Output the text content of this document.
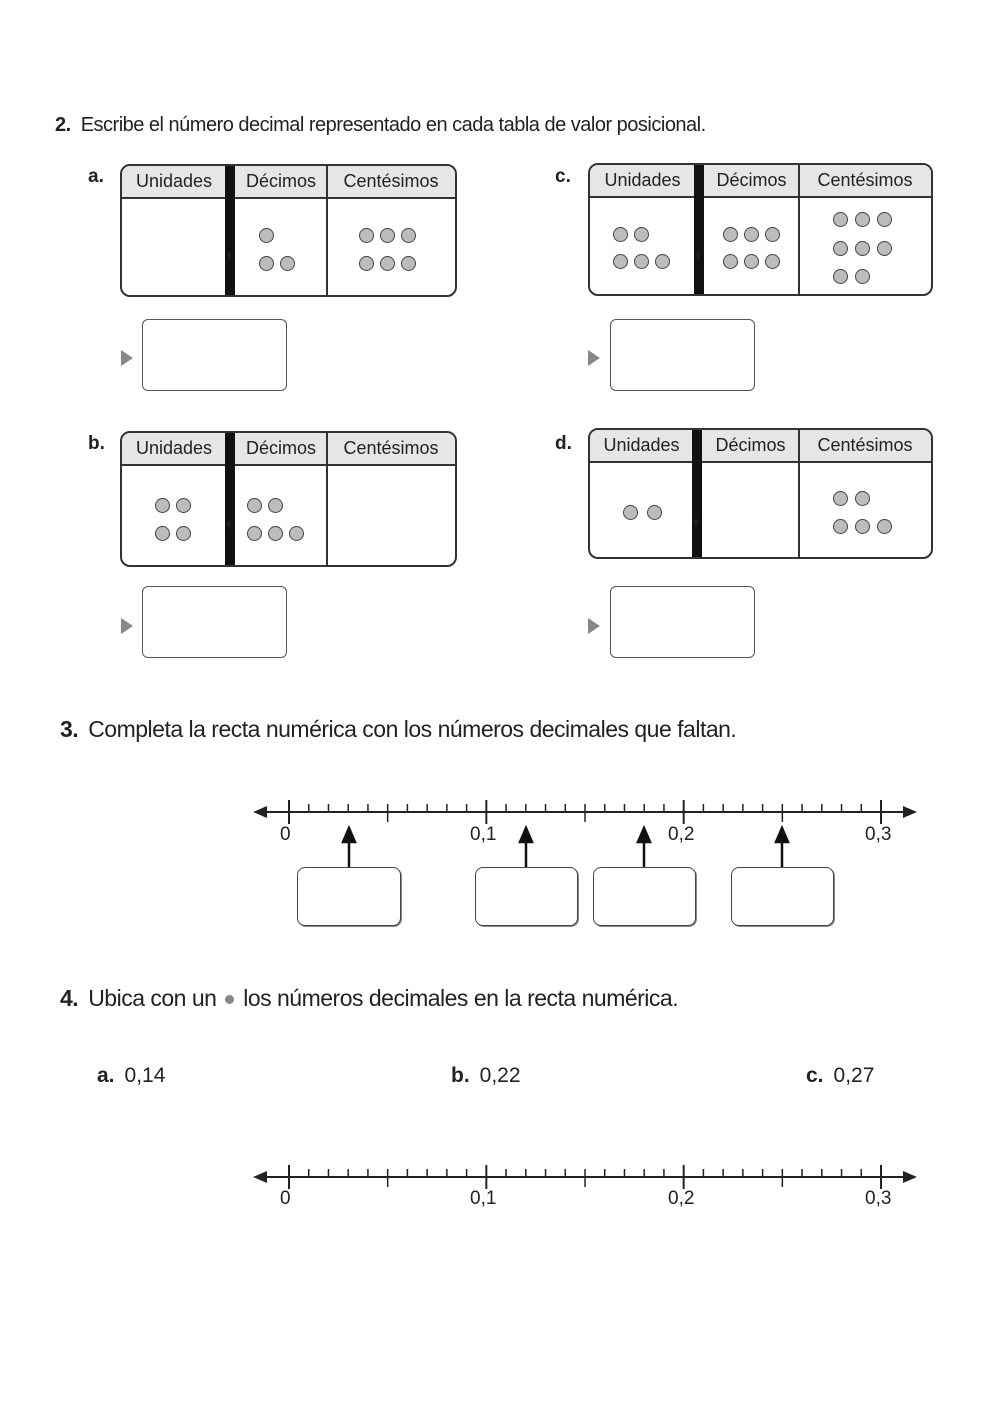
2. Escribe el número decimal representado en cada tabla de valor posicional.
a.	c.
b.	d.
Unidades	Décimos	Centésimos
,
Unidades	Décimos	Centésimos
,
Unidades	Décimos	Centésimos
,
Unidades	Décimos	Centésimos
,
3. Completa la recta numérica con los números decimales que faltan.
0	0,1	0,2	0,3
4. Ubica con un los números decimales en la recta numérica.
a. 0,14	b. 0,22	c. 0,27
0	0,1	0,2	0,3
